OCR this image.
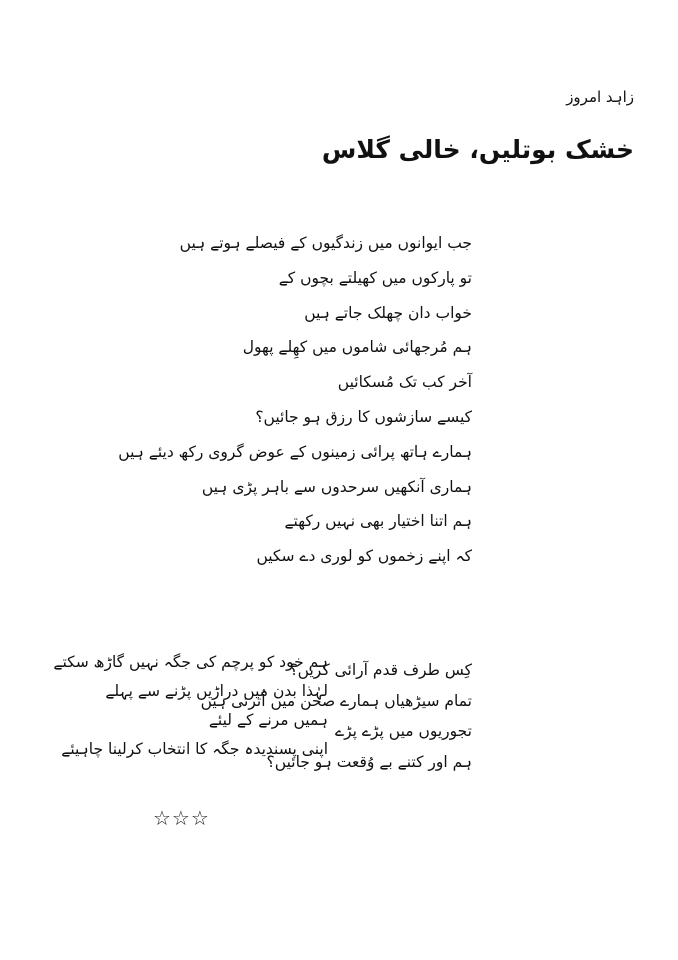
زاہد امروز
خشک بوتلیں، خالی گلاس
جب ایوانوں میں زندگیوں کے فیصلے ہوتے ہیں
تو پارکوں میں کھیلتے بچوں کے
خواب دان چھلک جاتے ہیں
ہم مُرجھائی شاموں میں کھِلے پھول
آخر کب تک مُسکائیں
کیسے سازشوں کا رزق ہو جائیں؟
ہمارے ہاتھ پرائی زمینوں کے عوض گروی رکھ دیئے ہیں
ہماری آنکھیں سرحدوں سے باہر پڑی ہیں
ہم اتنا اختیار بھی نہیں رکھتے
کہ اپنے زخموں کو لوری دے سکیں
کِس طرف قدم آرائی کریں؟
تمام سیڑھیاں ہمارے صحن میں اُترتی ہیں
تجوریوں میں پڑے پڑے
ہم اور کتنے بے وُقعت ہو جائیں؟
ہم خود کو پرچم کی جگہ نہیں گاڑھ سکتے
لہٰذا بدن میں دراڑیں پڑنے سے پہلے
ہمیں مرنے کے لیئے
اپنی پسندیدہ جگہ کا انتخاب کرلینا چاہیئے
☆☆☆
